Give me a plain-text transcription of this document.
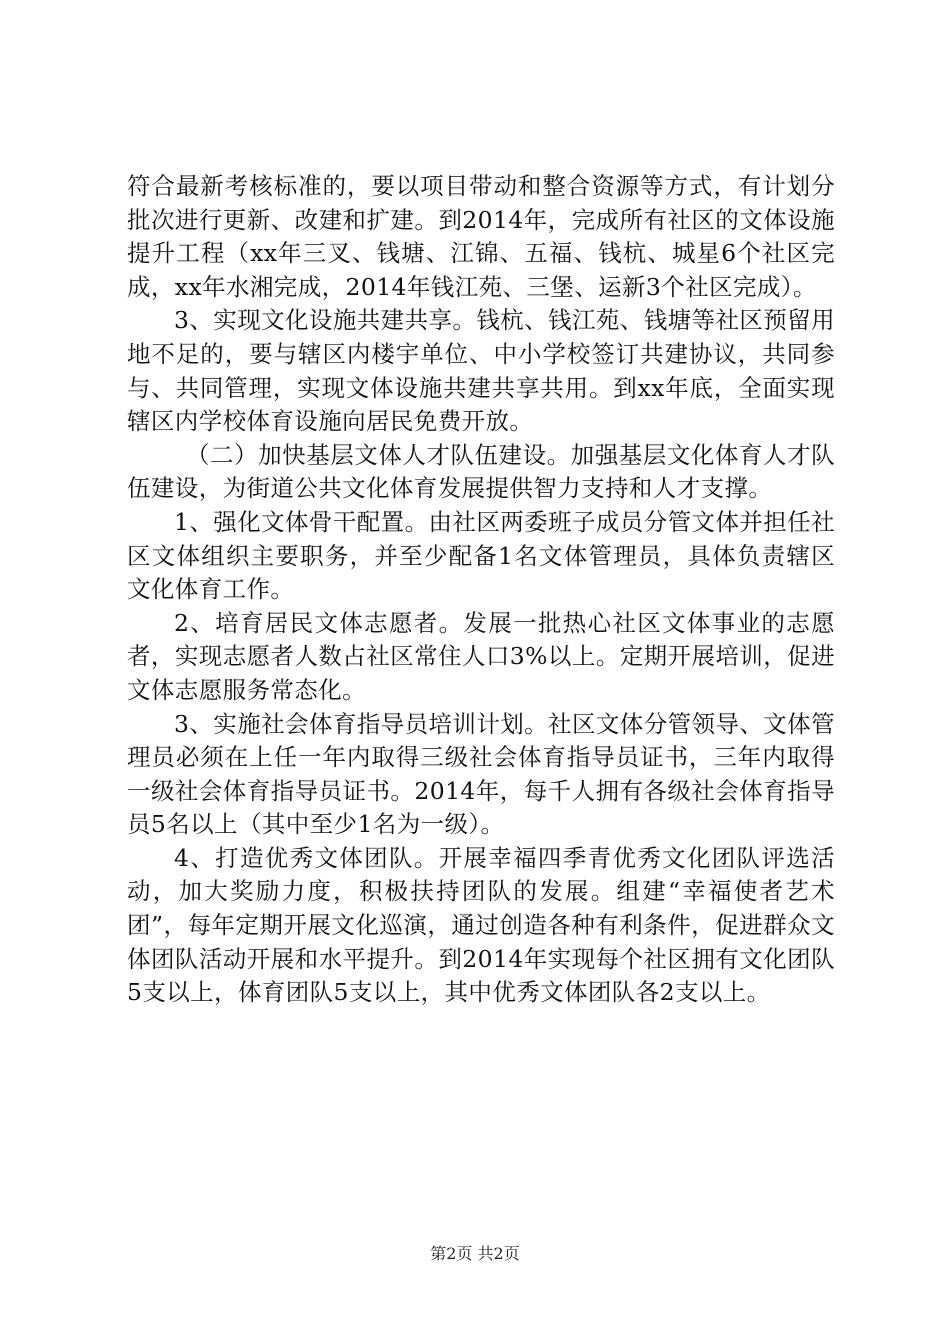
符合最新考核标准的，要以项目带动和整合资源等方式，有计划分批次进行更新、改建和扩建。到2014年，完成所有社区的文体设施提升工程（xx年三叉、钱塘、江锦、五福、钱杭、城星6个社区完成，xx年水湘完成，2014年钱江苑、三堡、运新3个社区完成）。

3、实现文化设施共建共享。钱杭、钱江苑、钱塘等社区预留用地不足的，要与辖区内楼宇单位、中小学校签订共建协议，共同参与、共同管理，实现文体设施共建共享共用。到xx年底，全面实现辖区内学校体育设施向居民免费开放。

（二）加快基层文体人才队伍建设。加强基层文化体育人才队伍建设，为街道公共文化体育发展提供智力支持和人才支撑。

1、强化文体骨干配置。由社区两委班子成员分管文体并担任社区文体组织主要职务，并至少配备1名文体管理员，具体负责辖区文化体育工作。

2、培育居民文体志愿者。发展一批热心社区文体事业的志愿者，实现志愿者人数占社区常住人口3%以上。定期开展培训，促进文体志愿服务常态化。

3、实施社会体育指导员培训计划。社区文体分管领导、文体管理员必须在上任一年内取得三级社会体育指导员证书，三年内取得一级社会体育指导员证书。2014年，每千人拥有各级社会体育指导员5名以上（其中至少1名为一级）。

4、打造优秀文体团队。开展幸福四季青优秀文化团队评选活动，加大奖励力度，积极扶持团队的发展。组建“幸福使者艺术团”，每年定期开展文化巡演，通过创造各种有利条件，促进群众文体团队活动开展和水平提升。到2014年实现每个社区拥有文化团队5支以上，体育团队5支以上，其中优秀文体团队各2支以上。

第2页 共2页
